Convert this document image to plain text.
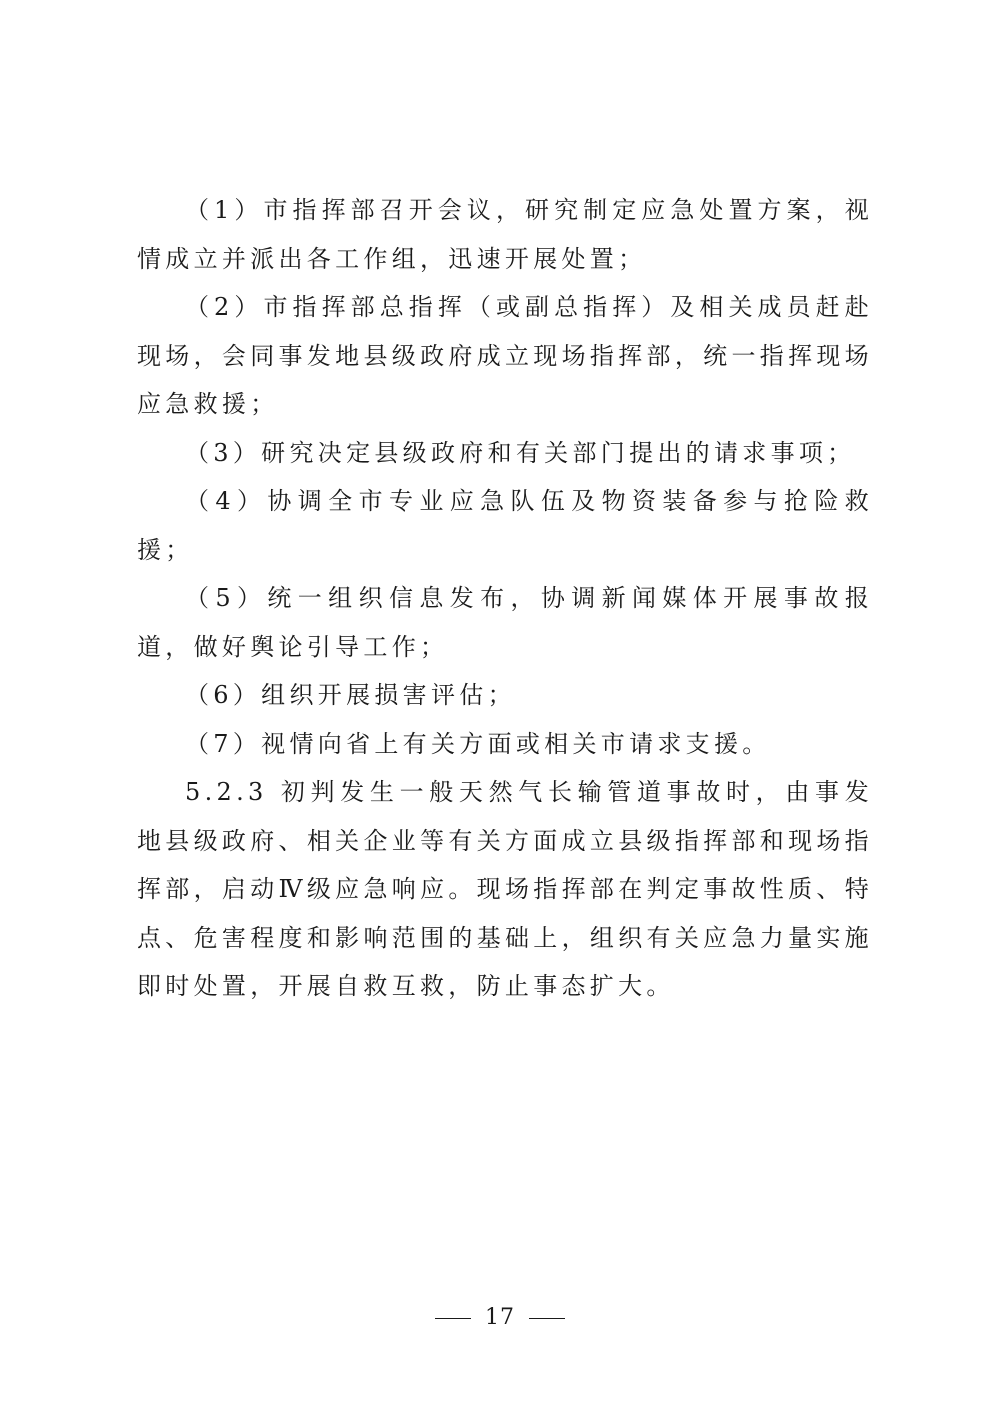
（1）市指挥部召开会议，研究制定应急处置方案，视情成立并派出各工作组，迅速开展处置；

（2）市指挥部总指挥（或副总指挥）及相关成员赶赴现场，会同事发地县级政府成立现场指挥部，统一指挥现场应急救援；

（3）研究决定县级政府和有关部门提出的请求事项；

（4）协调全市专业应急队伍及物资装备参与抢险救援；

（5）统一组织信息发布，协调新闻媒体开展事故报道，做好舆论引导工作；

（6）组织开展损害评估；

（7）视情向省上有关方面或相关市请求支援。

5.2.3 初判发生一般天然气长输管道事故时，由事发地县级政府、相关企业等有关方面成立县级指挥部和现场指挥部，启动Ⅳ级应急响应。现场指挥部在判定事故性质、特点、危害程度和影响范围的基础上，组织有关应急力量实施即时处置，开展自救互救，防止事态扩大。

17
